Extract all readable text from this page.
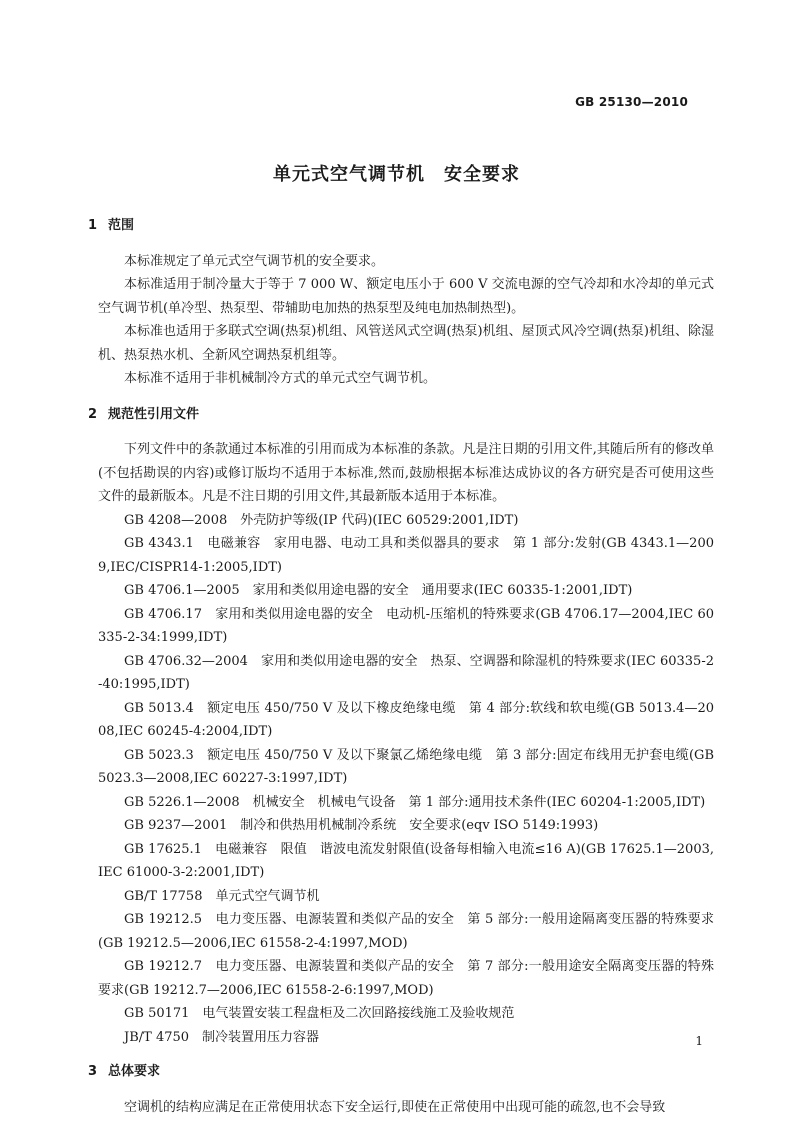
GB 25130—2010
单元式空气调节机　安全要求
1 范围

本标准规定了单元式空气调节机的安全要求。

本标准适用于制冷量大于等于 7 000 W、额定电压小于 600 V 交流电源的空气冷却和水冷却的单元式空气调节机(单冷型、热泵型、带辅助电加热的热泵型及纯电加热制热型)。

本标准也适用于多联式空调(热泵)机组、风管送风式空调(热泵)机组、屋顶式风冷空调(热泵)机组、除湿机、热泵热水机、全新风空调热泵机组等。

本标准不适用于非机械制冷方式的单元式空气调节机。

2 规范性引用文件

下列文件中的条款通过本标准的引用而成为本标准的条款。凡是注日期的引用文件,其随后所有的修改单(不包括勘误的内容)或修订版均不适用于本标准,然而,鼓励根据本标准达成协议的各方研究是否可使用这些文件的最新版本。凡是不注日期的引用文件,其最新版本适用于本标准。

GB 4208—2008　外壳防护等级(IP 代码)(IEC 60529:2001,IDT)

GB 4343.1　电磁兼容　家用电器、电动工具和类似器具的要求　第 1 部分:发射(GB 4343.1—2009,IEC/CISPR14-1:2005,IDT)

GB 4706.1—2005　家用和类似用途电器的安全　通用要求(IEC 60335-1:2001,IDT)

GB 4706.17　家用和类似用途电器的安全　电动机-压缩机的特殊要求(GB 4706.17—2004,IEC 60335-2-34:1999,IDT)

GB 4706.32—2004　家用和类似用途电器的安全　热泵、空调器和除湿机的特殊要求(IEC 60335-2-40:1995,IDT)

GB 5013.4　额定电压 450/750 V 及以下橡皮绝缘电缆　第 4 部分:软线和软电缆(GB 5013.4—2008,IEC 60245-4:2004,IDT)

GB 5023.3　额定电压 450/750 V 及以下聚氯乙烯绝缘电缆　第 3 部分:固定布线用无护套电缆(GB 5023.3—2008,IEC 60227-3:1997,IDT)

GB 5226.1—2008　机械安全　机械电气设备　第 1 部分:通用技术条件(IEC 60204-1:2005,IDT)

GB 9237—2001　制冷和供热用机械制冷系统　安全要求(eqv ISO 5149:1993)

GB 17625.1　电磁兼容　限值　谐波电流发射限值(设备每相输入电流≤16 A)(GB 17625.1—2003,IEC 61000-3-2:2001,IDT)

GB/T 17758　单元式空气调节机

GB 19212.5　电力变压器、电源装置和类似产品的安全　第 5 部分:一般用途隔离变压器的特殊要求(GB 19212.5—2006,IEC 61558-2-4:1997,MOD)

GB 19212.7　电力变压器、电源装置和类似产品的安全　第 7 部分:一般用途安全隔离变压器的特殊要求(GB 19212.7—2006,IEC 61558-2-6:1997,MOD)

GB 50171　电气装置安装工程盘柜及二次回路接线施工及验收规范

JB/T 4750　制冷装置用压力容器

3 总体要求

空调机的结构应满足在正常使用状态下安全运行,即使在正常使用中出现可能的疏忽,也不会导致

1
